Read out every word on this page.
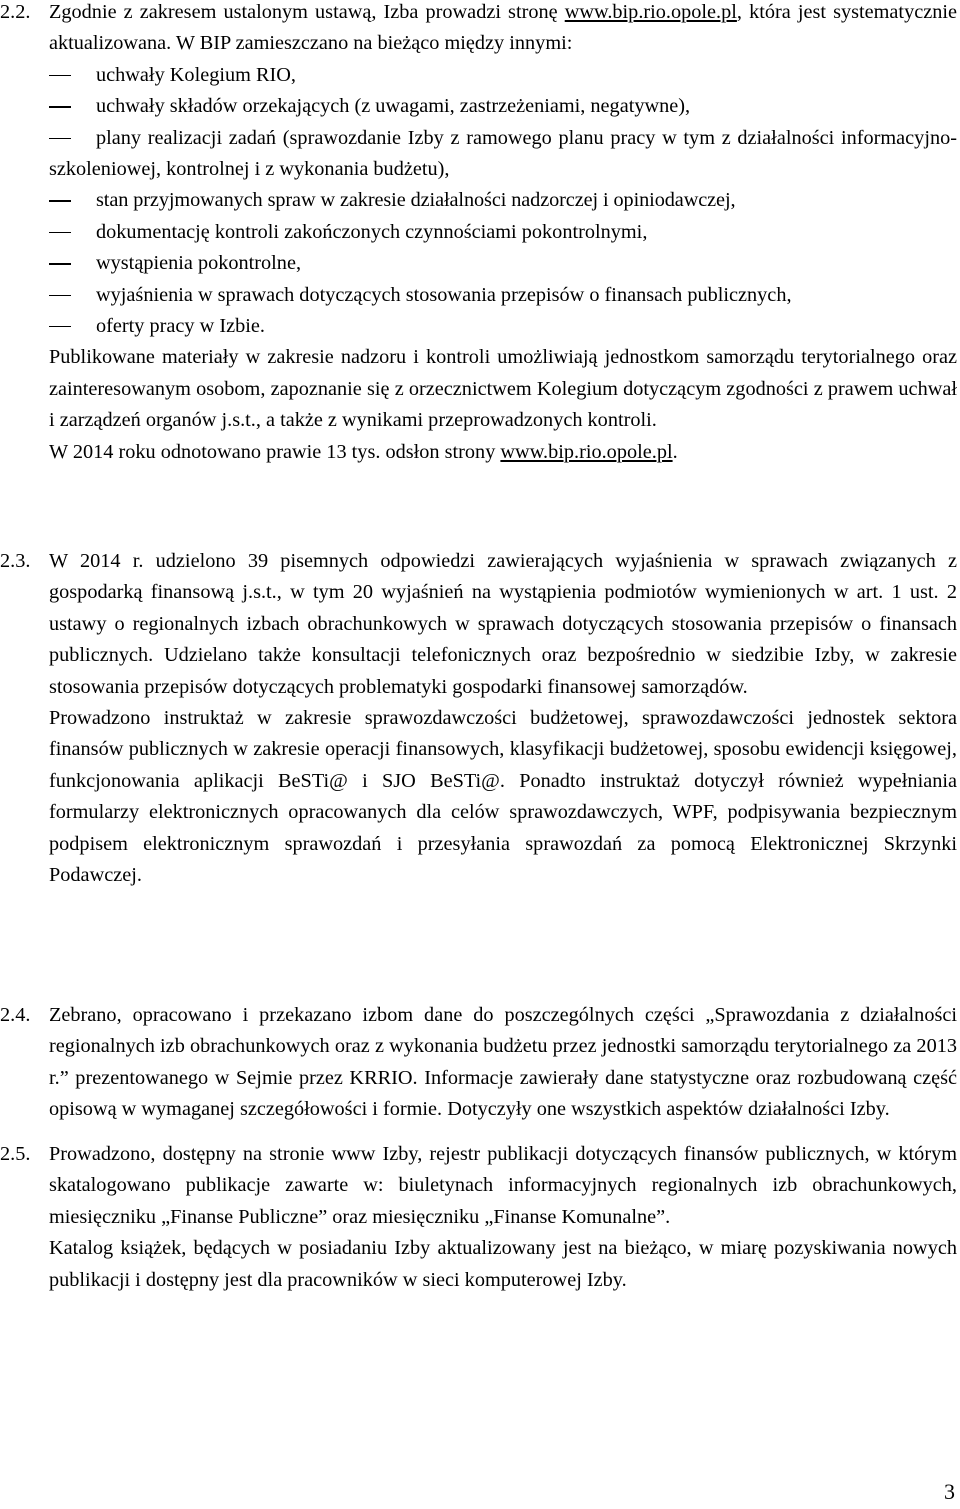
2.2. Zgodnie z zakresem ustalonym ustawą, Izba prowadzi stronę www.bip.rio.opole.pl, która jest systematycznie aktualizowana. W BIP zamieszczano na bieżąco między innymi:
uchwały Kolegium RIO,
uchwały składów orzekających (z uwagami, zastrzeżeniami, negatywne),
plany realizacji zadań (sprawozdanie Izby z ramowego planu pracy w tym z działalności informacyjno-szkoleniowej, kontrolnej i z wykonania budżetu),
stan przyjmowanych spraw w zakresie działalności nadzorczej i opiniodawczej,
dokumentację kontroli zakończonych czynnościami pokontrolnymi,
wystąpienia pokontrolne,
wyjaśnienia w sprawach dotyczących stosowania przepisów o finansach publicznych,
oferty pracy w Izbie.
Publikowane materiały w zakresie nadzoru i kontroli umożliwiają jednostkom samorządu terytorialnego oraz zainteresowanym osobom, zapoznanie się z orzecznictwem Kolegium dotyczącym zgodności z prawem uchwał i zarządzeń organów j.s.t., a także z wynikami przeprowadzonych kontroli.
W 2014 roku odnotowano prawie 13 tys. odsłon strony www.bip.rio.opole.pl.
2.3. W 2014 r. udzielono 39 pisemnych odpowiedzi zawierających wyjaśnienia w sprawach związanych z gospodarką finansową j.s.t., w tym 20 wyjaśnień na wystąpienia podmiotów wymienionych w art. 1 ust. 2 ustawy o regionalnych izbach obrachunkowych w sprawach dotyczących stosowania przepisów o finansach publicznych. Udzielano także konsultacji telefonicznych oraz bezpośrednio w siedzibie Izby, w zakresie stosowania przepisów dotyczących problematyki gospodarki finansowej samorządów.
Prowadzono instruktaż w zakresie sprawozdawczości budżetowej, sprawozdawczości jednostek sektora finansów publicznych w zakresie operacji finansowych, klasyfikacji budżetowej, sposobu ewidencji księgowej, funkcjonowania aplikacji BeSTi@ i SJO BeSTi@. Ponadto instruktaż dotyczył również wypełniania formularzy elektronicznych opracowanych dla celów sprawozdawczych, WPF, podpisywania bezpiecznym podpisem elektronicznym sprawozdań i przesyłania sprawozdań za pomocą Elektronicznej Skrzynki Podawczej.
2.4. Zebrano, opracowano i przekazano izbom dane do poszczególnych części „Sprawozdania z działalności regionalnych izb obrachunkowych oraz z wykonania budżetu przez jednostki samorządu terytorialnego za 2013 r.” prezentowanego w Sejmie przez KRRIO. Informacje zawierały dane statystyczne oraz rozbudowaną część opisową w wymaganej szczegółowości i formie. Dotyczyły one wszystkich aspektów działalności Izby.
2.5. Prowadzono, dostępny na stronie www Izby, rejestr publikacji dotyczących finansów publicznych, w którym skatalogowano publikacje zawarte w: biuletynach informacyjnych regionalnych izb obrachunkowych, miesięczniku „Finanse Publiczne” oraz miesięczniku „Finanse Komunalne”.
Katalog książek, będących w posiadaniu Izby aktualizowany jest na bieżąco, w miarę pozyskiwania nowych publikacji i dostępny jest dla pracowników w sieci komputerowej Izby.
3
